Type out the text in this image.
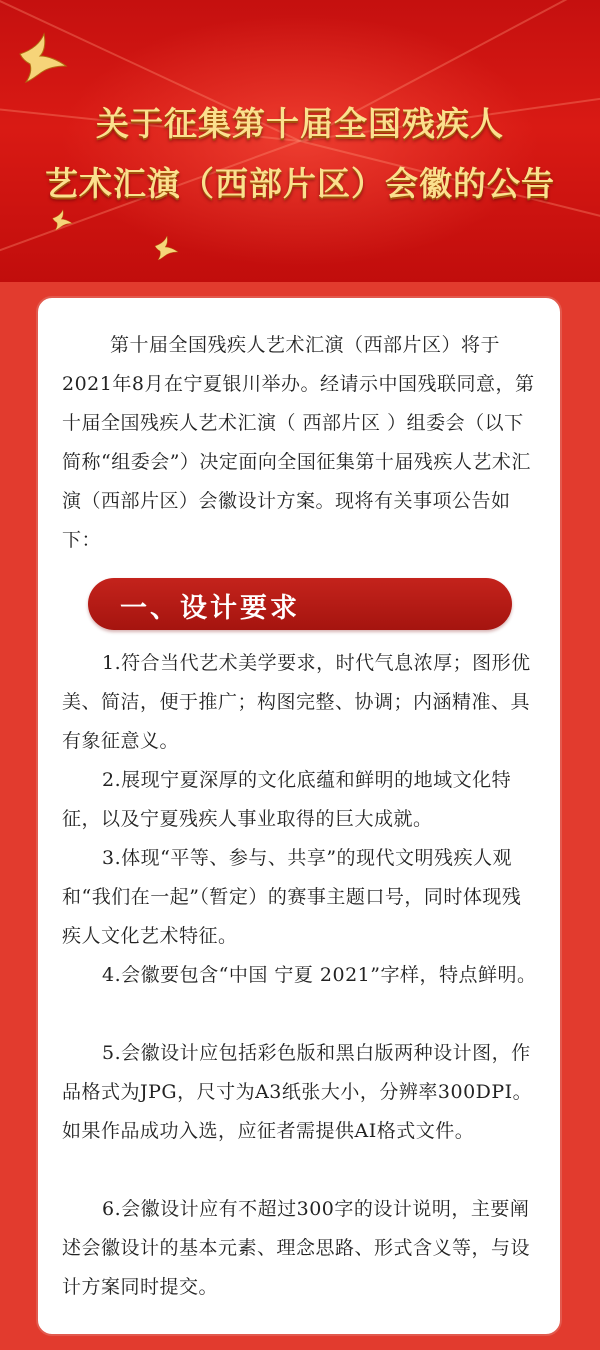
关于征集第十届全国残疾人
艺术汇演（西部片区）会徽的公告
第十届全国残疾人艺术汇演（西部片区）将于2021年8月在宁夏银川举办。经请示中国残联同意，第十届全国残疾人艺术汇演（ 西部片区 ）组委会（以下简称“组委会”）决定面向全国征集第十届残疾人艺术汇演（西部片区）会徽设计方案。现将有关事项公告如下：
一、设计要求
1.符合当代艺术美学要求，时代气息浓厚；图形优美、简洁，便于推广；构图完整、协调；内涵精准、具有象征意义。
2.展现宁夏深厚的文化底蕴和鲜明的地域文化特征，以及宁夏残疾人事业取得的巨大成就。
3.体现“平等、参与、共享”的现代文明残疾人观和“我们在一起”（暂定）的赛事主题口号，同时体现残疾人文化艺术特征。
4.会徽要包含“中国 宁夏 2021”字样，特点鲜明。
5.会徽设计应包括彩色版和黑白版两种设计图，作品格式为JPG，尺寸为A3纸张大小，分辨率300DPI。如果作品成功入选，应征者需提供AI格式文件。
6.会徽设计应有不超过300字的设计说明，主要阐述会徽设计的基本元素、理念思路、形式含义等，与设计方案同时提交。
